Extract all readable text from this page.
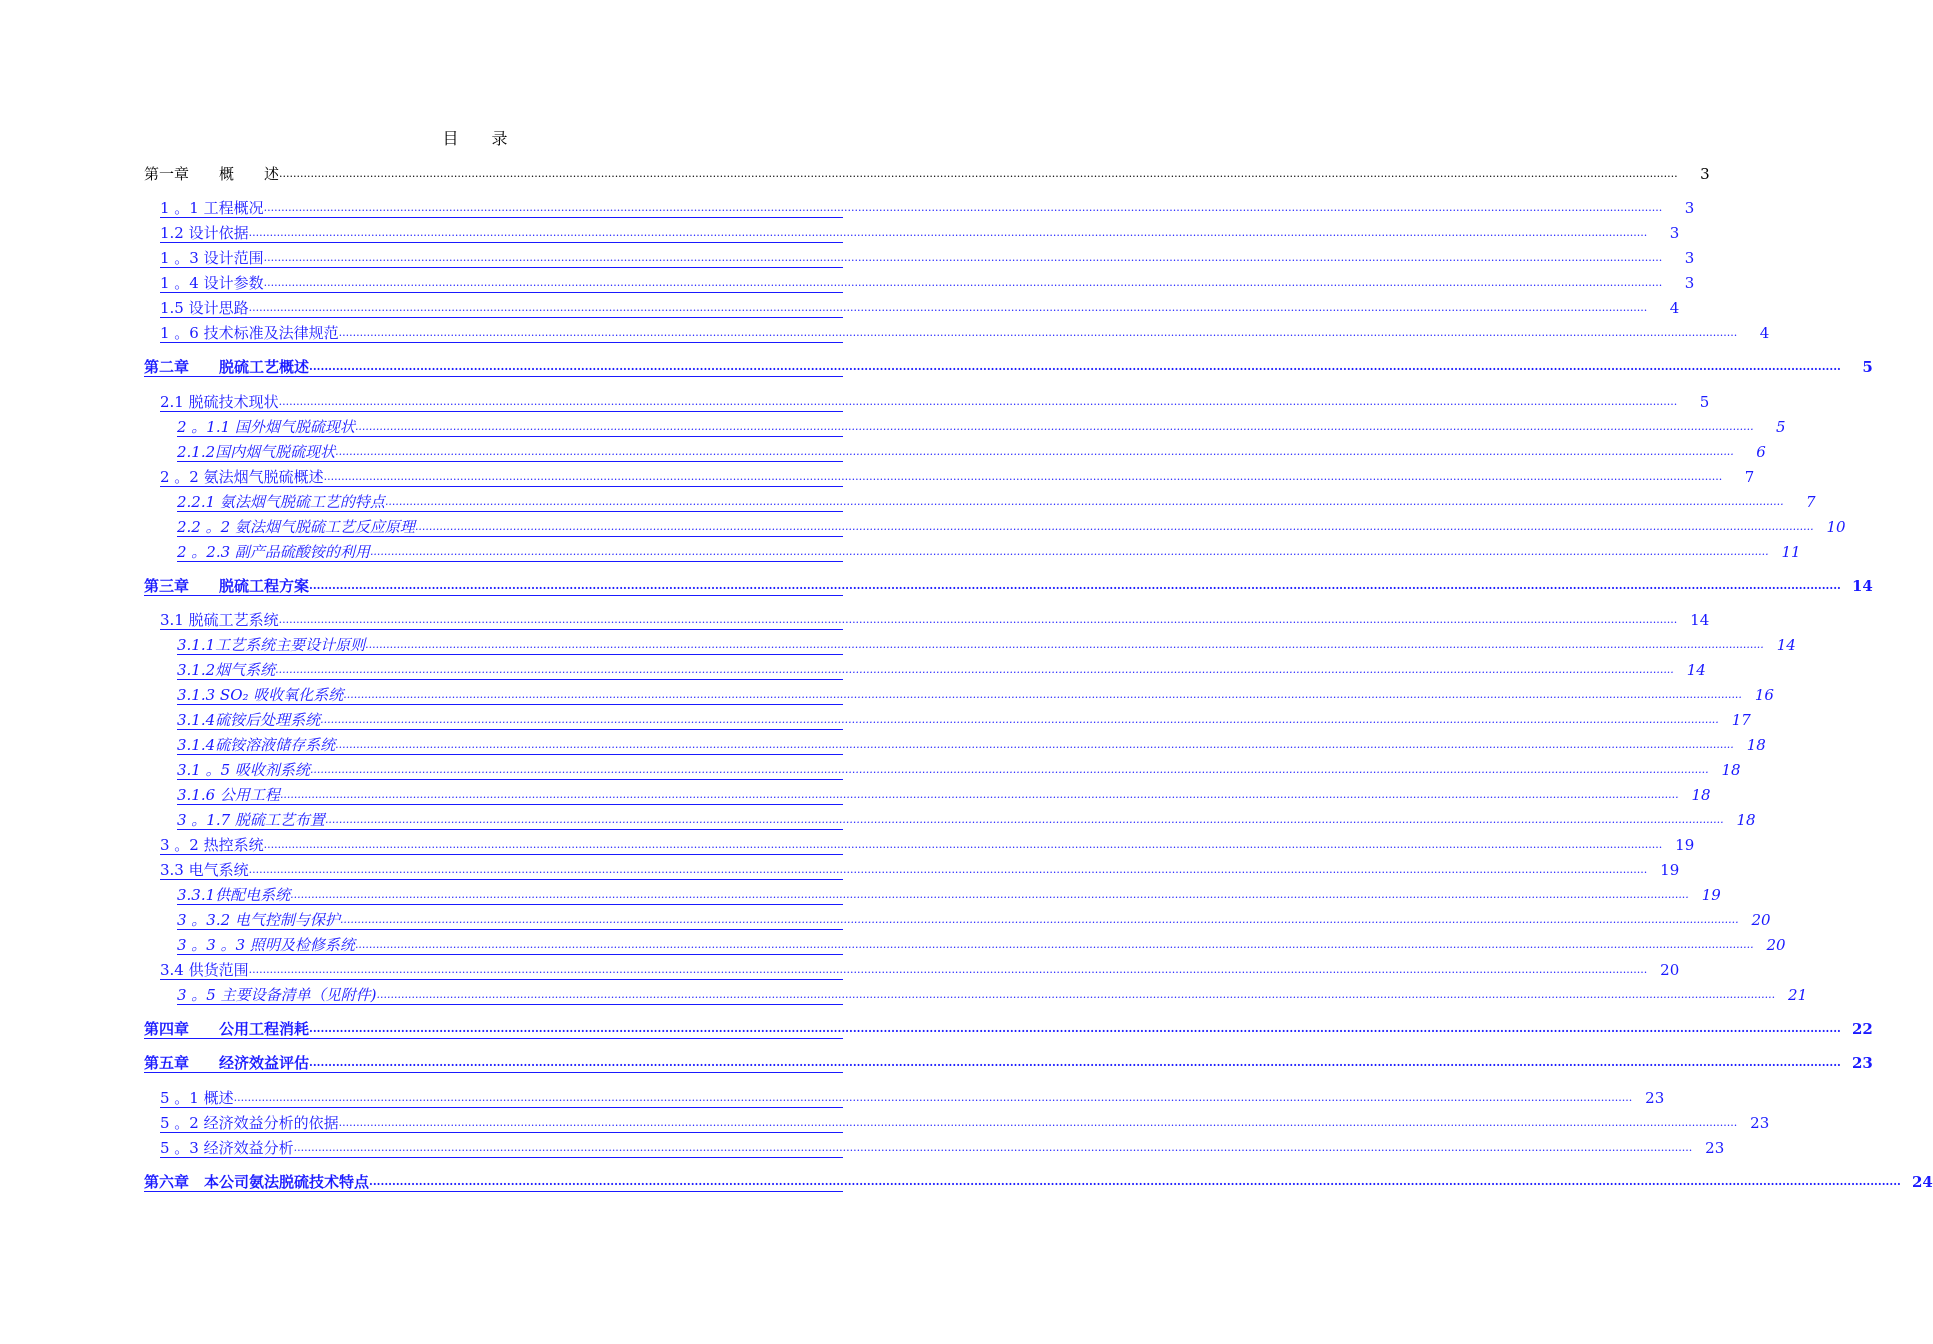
目 录
第一章　　概　　述 ................................................................................................................................................................................................................................................................................................................................................................................................................	3
1 。1 工程概况 ................................................................................................................................................................................................................................................................................................................................................................................................................	3
1.2 设计依据 ................................................................................................................................................................................................................................................................................................................................................................................................................	3
1 。3 设计范围 ................................................................................................................................................................................................................................................................................................................................................................................................................	3
1 。4 设计参数 ................................................................................................................................................................................................................................................................................................................................................................................................................	3
1.5 设计思路 ................................................................................................................................................................................................................................................................................................................................................................................................................	4
1 。6 技术标准及法律规范 ................................................................................................................................................................................................................................................................................................................................................................................................................	4
第二章　　脱硫工艺概述 ................................................................................................................................................................................................................................................................................................................................................................................................................	5
2.1 脱硫技术现状 ................................................................................................................................................................................................................................................................................................................................................................................................................	5
2 。1.1 国外烟气脱硫现状 ................................................................................................................................................................................................................................................................................................................................................................................................................	5
2.1.2国内烟气脱硫现状 ................................................................................................................................................................................................................................................................................................................................................................................................................	6
2 。2 氨法烟气脱硫概述 ................................................................................................................................................................................................................................................................................................................................................................................................................	7
2.2.1 氨法烟气脱硫工艺的特点 ................................................................................................................................................................................................................................................................................................................................................................................................................	7
2.2 。2 氨法烟气脱硫工艺反应原理 ................................................................................................................................................................................................................................................................................................................................................................................................................ 10
2 。2.3 副产品硫酸铵的利用 ................................................................................................................................................................................................................................................................................................................................................................................................................ 11
第三章　　脱硫工程方案 ................................................................................................................................................................................................................................................................................................................................................................................................................ 14
3.1 脱硫工艺系统 ................................................................................................................................................................................................................................................................................................................................................................................................................ 14
3.1.1工艺系统主要设计原则 ................................................................................................................................................................................................................................................................................................................................................................................................................ 14
3.1.2烟气系统 ................................................................................................................................................................................................................................................................................................................................................................................................................ 14
3.1.3 SO₂ 吸收氧化系统 ................................................................................................................................................................................................................................................................................................................................................................................................................ 16
3.1.4硫铵后处理系统 ................................................................................................................................................................................................................................................................................................................................................................................................................ 17
3.1.4硫铵溶液储存系统 ................................................................................................................................................................................................................................................................................................................................................................................................................ 18
3.1 。5 吸收剂系统 ................................................................................................................................................................................................................................................................................................................................................................................................................ 18
3.1.6 公用工程 ................................................................................................................................................................................................................................................................................................................................................................................................................ 18
3 。1.7 脱硫工艺布置 ................................................................................................................................................................................................................................................................................................................................................................................................................ 18
3 。2 热控系统 ................................................................................................................................................................................................................................................................................................................................................................................................................ 19
3.3 电气系统 ................................................................................................................................................................................................................................................................................................................................................................................................................ 19
3.3.1供配电系统 ................................................................................................................................................................................................................................................................................................................................................................................................................ 19
3 。3.2 电气控制与保护 ................................................................................................................................................................................................................................................................................................................................................................................................................ 20
3 。3 。3 照明及检修系统 ................................................................................................................................................................................................................................................................................................................................................................................................................ 20
3.4 供货范围 ................................................................................................................................................................................................................................................................................................................................................................................................................ 20
3 。5 主要设备清单（见附件) ................................................................................................................................................................................................................................................................................................................................................................................................................ 21
第四章　　公用工程消耗 ................................................................................................................................................................................................................................................................................................................................................................................................................ 22
第五章　　经济效益评估 ................................................................................................................................................................................................................................................................................................................................................................................................................ 23
5 。1 概述 ................................................................................................................................................................................................................................................................................................................................................................................................................ 23
5 。2 经济效益分析的依据 ................................................................................................................................................................................................................................................................................................................................................................................................................ 23
5 。3 经济效益分析 ................................................................................................................................................................................................................................................................................................................................................................................................................ 23
第六章　本公司氨法脱硫技术特点 ................................................................................................................................................................................................................................................................................................................................................................................................................ 24
